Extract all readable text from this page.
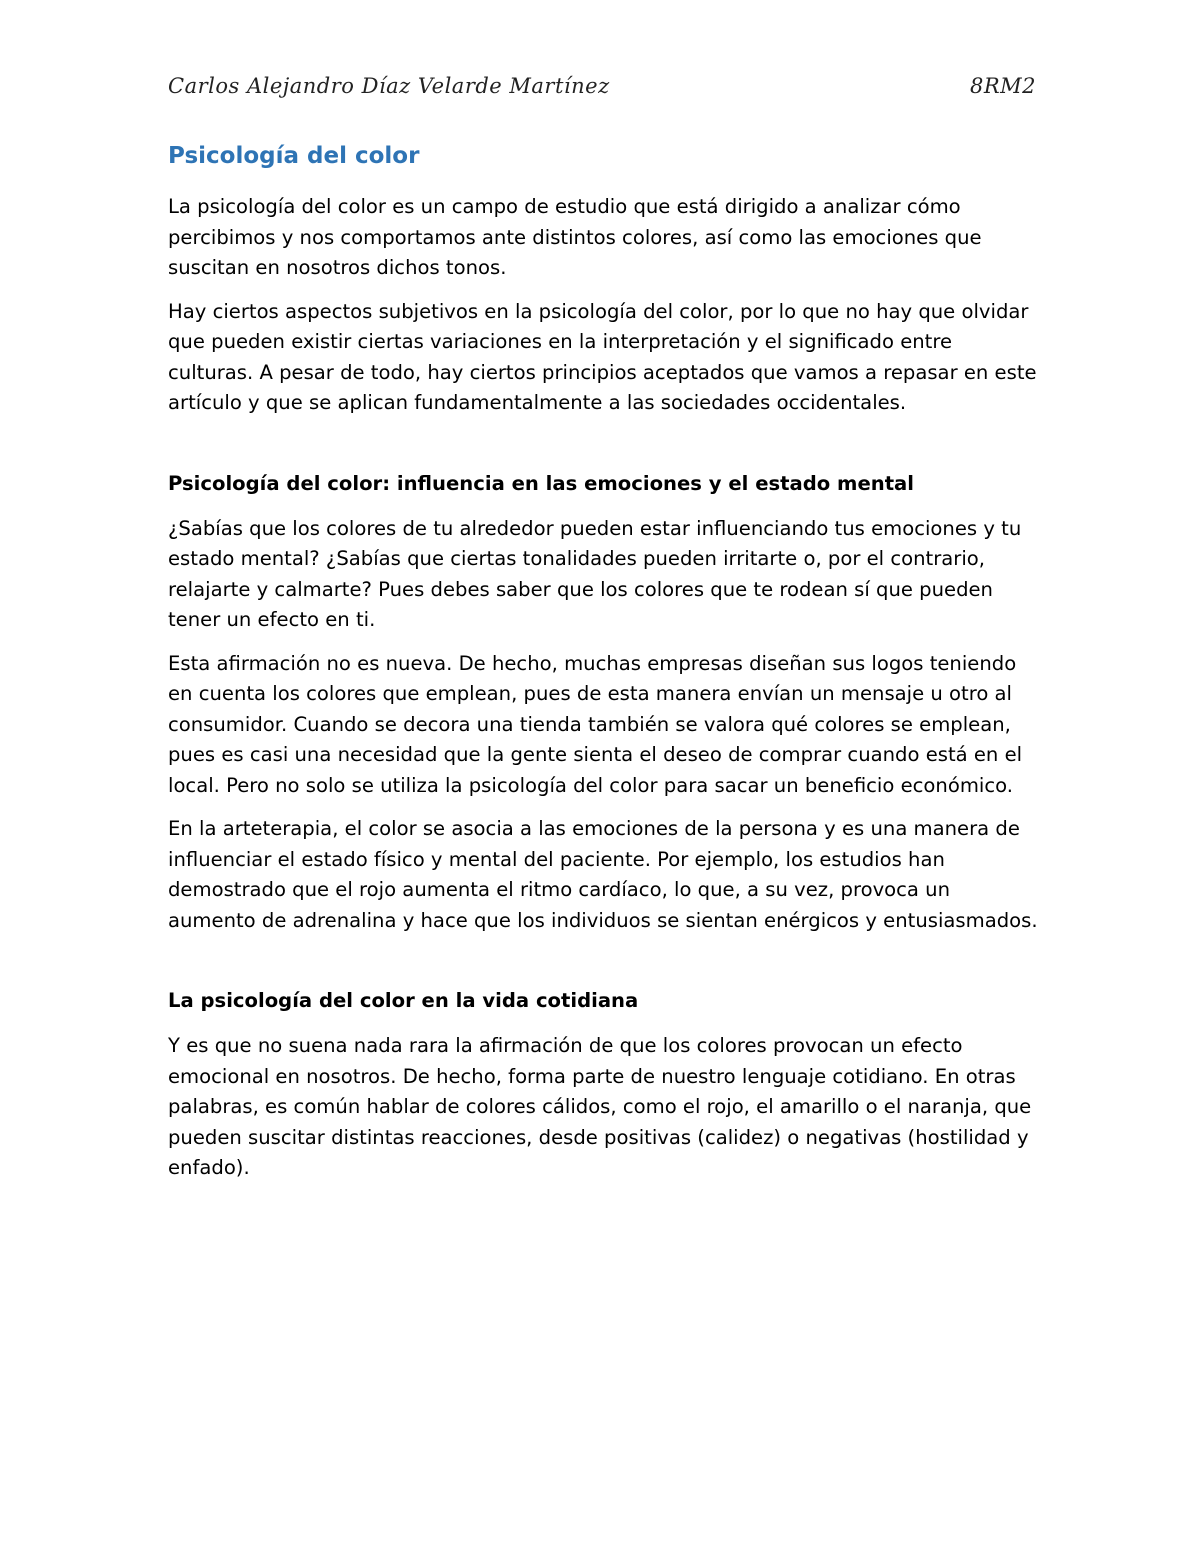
Carlos Alejandro Díaz Velarde Martínez	8RM2
Psicología del color

La psicología del color es un campo de estudio que está dirigido a analizar cómo percibimos y nos comportamos ante distintos colores, así como las emociones que suscitan en nosotros dichos tonos.

Hay ciertos aspectos subjetivos en la psicología del color, por lo que no hay que olvidar que pueden existir ciertas variaciones en la interpretación y el significado entre culturas. A pesar de todo, hay ciertos principios aceptados que vamos a repasar en este artículo y que se aplican fundamentalmente a las sociedades occidentales.

Psicología del color: influencia en las emociones y el estado mental

¿Sabías que los colores de tu alrededor pueden estar influenciando tus emociones y tu estado mental? ¿Sabías que ciertas tonalidades pueden irritarte o, por el contrario, relajarte y calmarte? Pues debes saber que los colores que te rodean sí que pueden tener un efecto en ti.

Esta afirmación no es nueva. De hecho, muchas empresas diseñan sus logos teniendo en cuenta los colores que emplean, pues de esta manera envían un mensaje u otro al consumidor. Cuando se decora una tienda también se valora qué colores se emplean, pues es casi una necesidad que la gente sienta el deseo de comprar cuando está en el local. Pero no solo se utiliza la psicología del color para sacar un beneficio económico.

En la arteterapia, el color se asocia a las emociones de la persona y es una manera de influenciar el estado físico y mental del paciente. Por ejemplo, los estudios han demostrado que el rojo aumenta el ritmo cardíaco, lo que, a su vez, provoca un aumento de adrenalina y hace que los individuos se sientan enérgicos y entusiasmados.

La psicología del color en la vida cotidiana

Y es que no suena nada rara la afirmación de que los colores provocan un efecto emocional en nosotros. De hecho, forma parte de nuestro lenguaje cotidiano. En otras palabras, es común hablar de colores cálidos, como el rojo, el amarillo o el naranja, que pueden suscitar distintas reacciones, desde positivas (calidez) o negativas (hostilidad y enfado).
